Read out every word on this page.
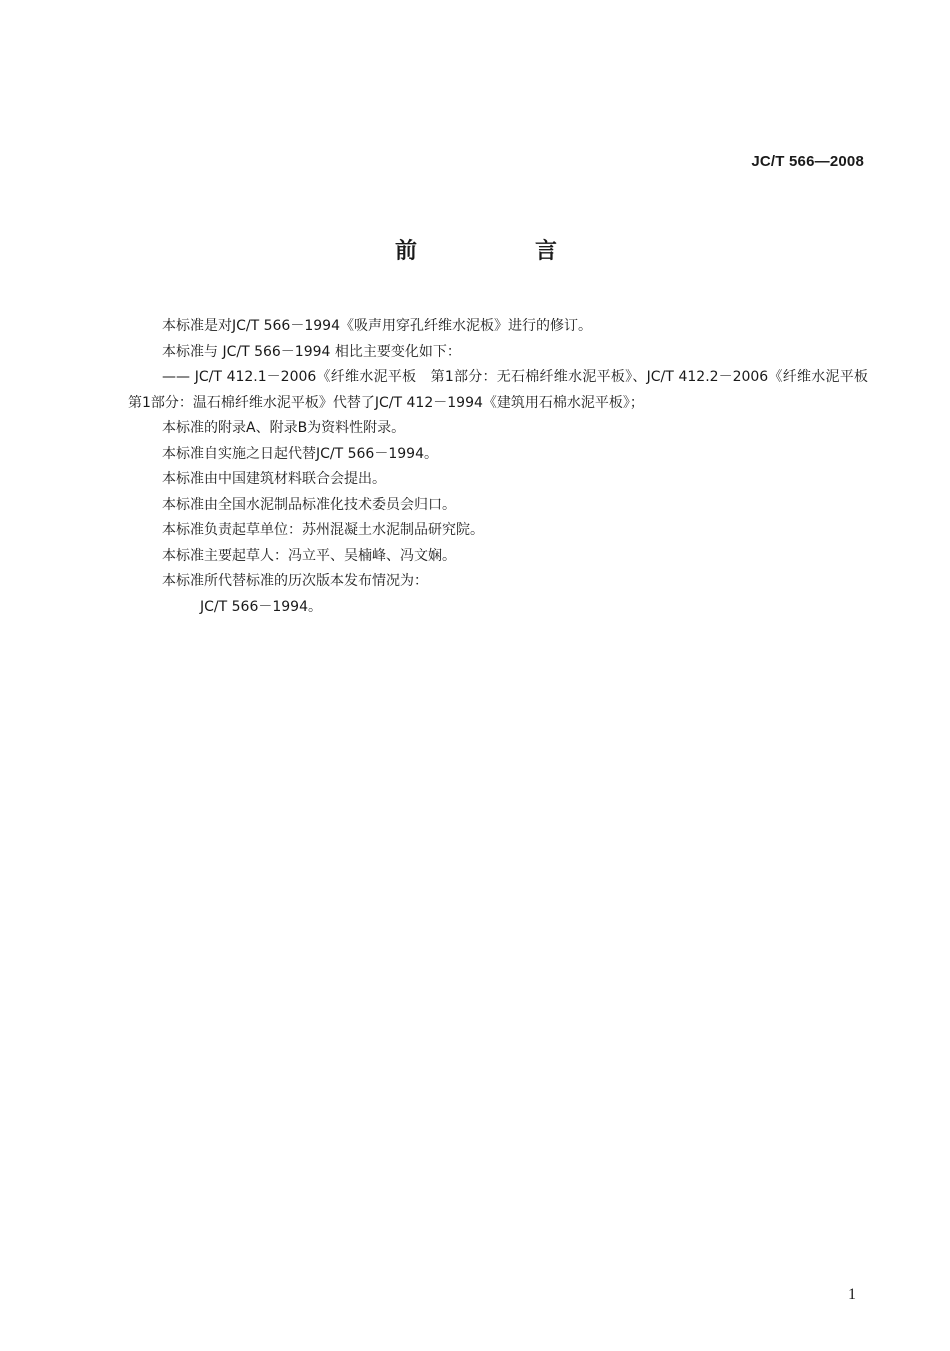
JC/T 566—2008
前　言

本标准是对JC/T 566－1994《吸声用穿孔纤维水泥板》进行的修订。

本标准与 JC/T 566－1994 相比主要变化如下：

—— JC/T 412.1－2006《纤维水泥平板　第1部分：无石棉纤维水泥平板》、JC/T 412.2－2006《纤维水泥平板　第1部分：温石棉纤维水泥平板》代替了JC/T 412－1994《建筑用石棉水泥平板》；

本标准的附录A、附录B为资料性附录。

本标准自实施之日起代替JC/T 566－1994。

本标准由中国建筑材料联合会提出。

本标准由全国水泥制品标准化技术委员会归口。

本标准负责起草单位：苏州混凝土水泥制品研究院。

本标准主要起草人：冯立平、吴楠峰、冯文娴。

本标准所代替标准的历次版本发布情况为：

JC/T 566－1994。

1
